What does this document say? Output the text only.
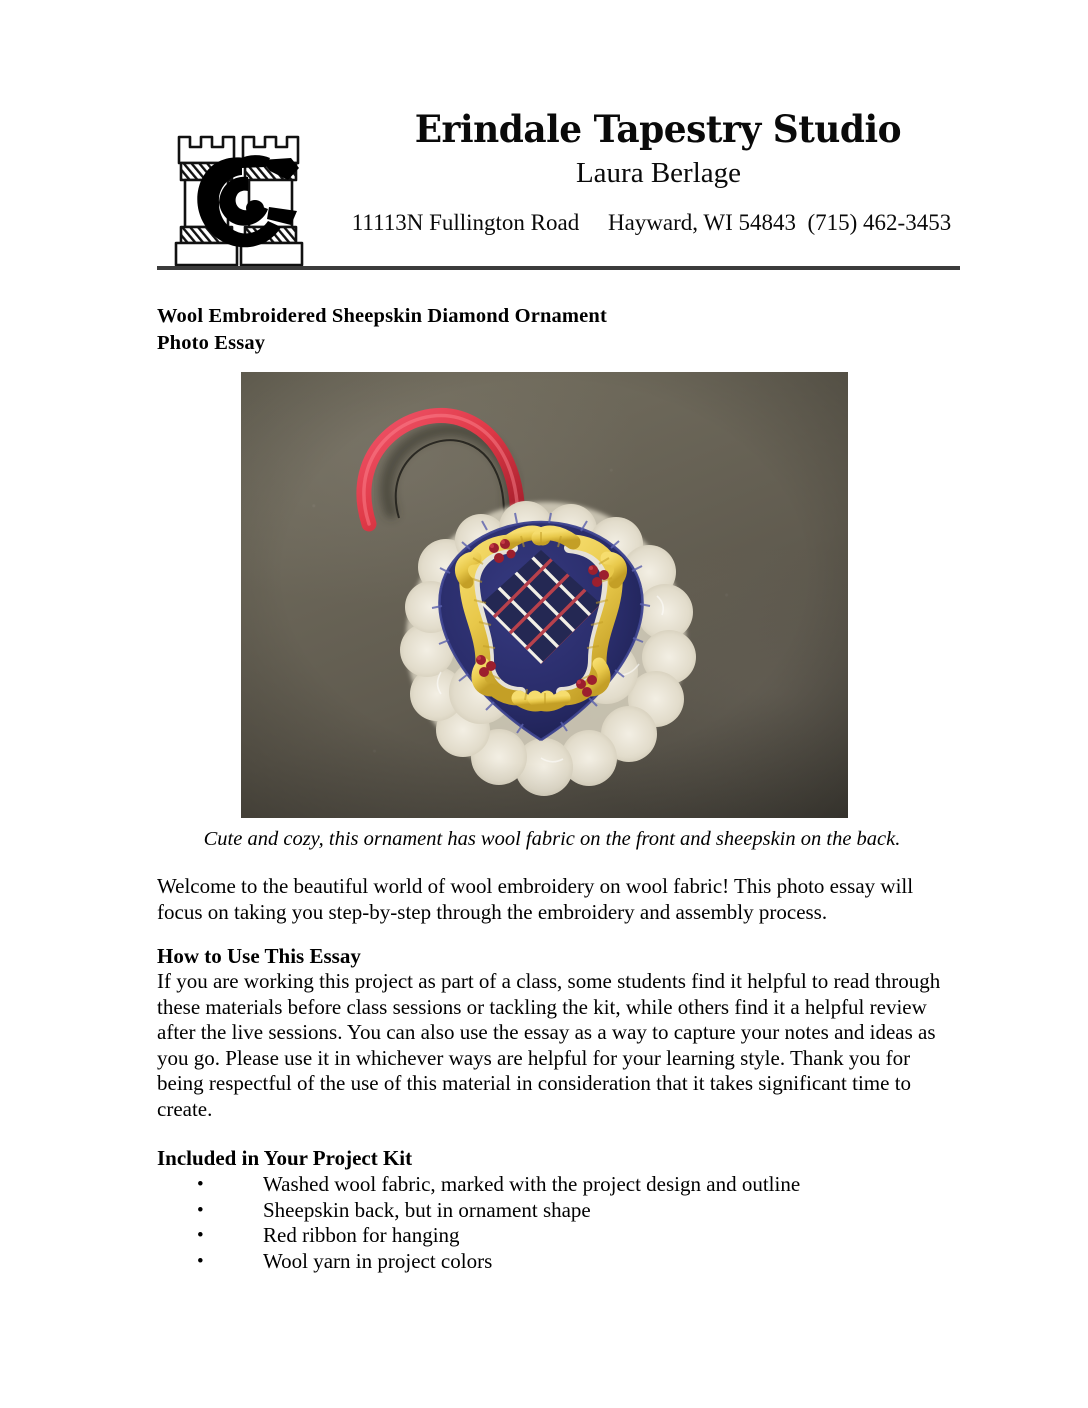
Erindale Tapestry Studio
Laura Berlage
11113N Fullington Road     Hayward, WI 54843  (715) 462-3453
Wool Embroidered Sheepskin Diamond Ornament
Photo Essay
Cute and cozy, this ornament has wool fabric on the front and sheepskin on the back.
Welcome to the beautiful world of wool embroidery on wool fabric! This photo essay will focus on taking you step-by-step through the embroidery and assembly process.
How to Use This Essay
If you are working this project as part of a class, some students find it helpful to read through these materials before class sessions or tackling the kit, while others find it a helpful review after the live sessions. You can also use the essay as a way to capture your notes and ideas as you go. Please use it in whichever ways are helpful for your learning style. Thank you for being respectful of the use of this material in consideration that it takes significant time to create.
Included in Your Project Kit
•	Washed wool fabric, marked with the project design and outline
•	Sheepskin back, but in ornament shape
•	Red ribbon for hanging
•	Wool yarn in project colors
